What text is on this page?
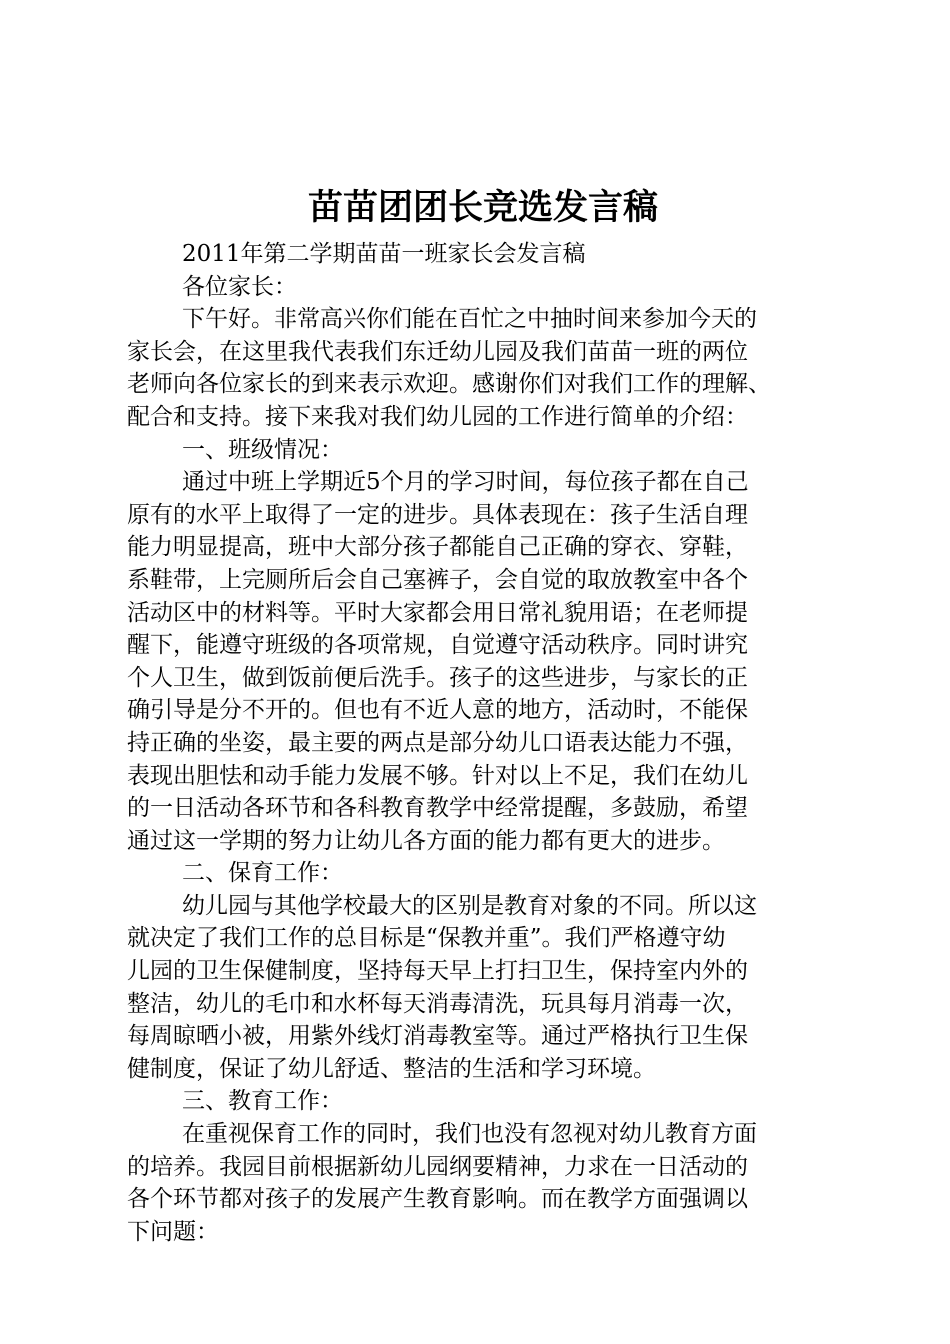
苗苗团团长竞选发言稿

2011年第二学期苗苗一班家长会发言稿

各位家长：

下午好。非常高兴你们能在百忙之中抽时间来参加今天的

家长会，在这里我代表我们东迁幼儿园及我们苗苗一班的两位

老师向各位家长的到来表示欢迎。感谢你们对我们工作的理解、

配合和支持。接下来我对我们幼儿园的工作进行简单的介绍：

一、班级情况：

通过中班上学期近5个月的学习时间，每位孩子都在自己

原有的水平上取得了一定的进步。具体表现在：孩子生活自理

能力明显提高，班中大部分孩子都能自己正确的穿衣、穿鞋，

系鞋带，上完厕所后会自己塞裤子，会自觉的取放教室中各个

活动区中的材料等。平时大家都会用日常礼貌用语；在老师提

醒下，能遵守班级的各项常规，自觉遵守活动秩序。同时讲究

个人卫生，做到饭前便后洗手。孩子的这些进步，与家长的正

确引导是分不开的。但也有不近人意的地方，活动时，不能保

持正确的坐姿，最主要的两点是部分幼儿口语表达能力不强，

表现出胆怯和动手能力发展不够。针对以上不足，我们在幼儿

的一日活动各环节和各科教育教学中经常提醒，多鼓励，希望

通过这一学期的努力让幼儿各方面的能力都有更大的进步。

二、保育工作：

幼儿园与其他学校最大的区别是教育对象的不同。所以这

就决定了我们工作的总目标是“保教并重”。我们严格遵守幼

儿园的卫生保健制度，坚持每天早上打扫卫生，保持室内外的

整洁，幼儿的毛巾和水杯每天消毒清洗，玩具每月消毒一次，

每周晾晒小被，用紫外线灯消毒教室等。通过严格执行卫生保

健制度，保证了幼儿舒适、整洁的生活和学习环境。

三、教育工作：

在重视保育工作的同时，我们也没有忽视对幼儿教育方面

的培养。我园目前根据新幼儿园纲要精神，力求在一日活动的

各个环节都对孩子的发展产生教育影响。而在教学方面强调以

下问题：
